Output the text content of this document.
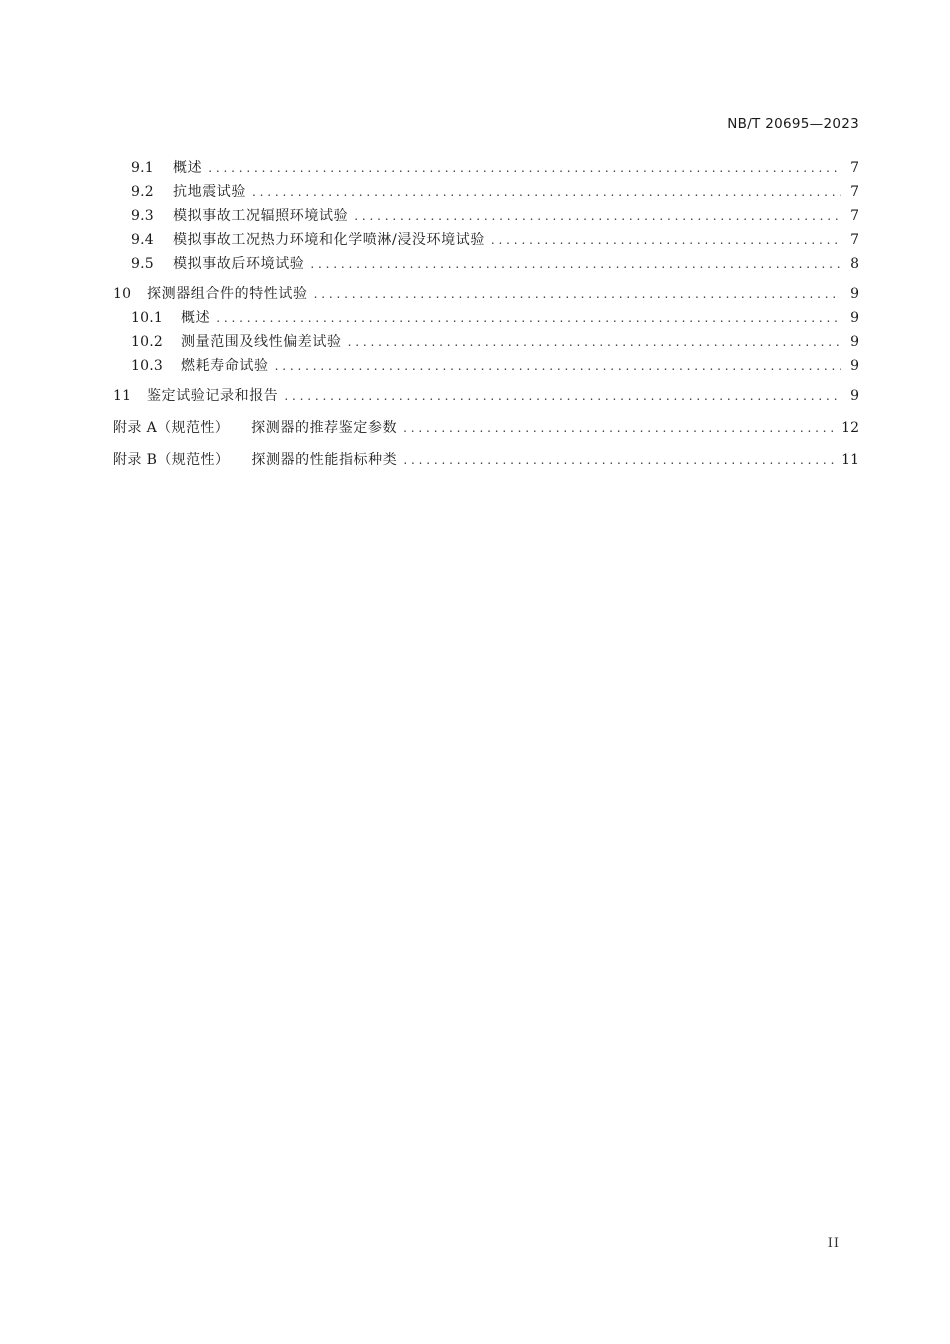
NB/T 20695—2023
9.1	概述 . . .	7
9.2	抗地震试验 . . .	7
9.3	模拟事故工况辐照环境试验 . . .	7
9.4	模拟事故工况热力环境和化学喷淋/浸没环境试验 . . .	7
9.5	模拟事故后环境试验 . . .	8
10	探测器组合件的特性试验 . . .	9
10.1	概述 . . .	9
10.2	测量范围及线性偏差试验 . . .	9
10.3	燃耗寿命试验 . . .	9
11	鉴定试验记录和报告 . . .	9
附录 A（规范性） 探测器的推荐鉴定参数 . . .	12
附录 B（规范性） 探测器的性能指标种类 . . .	11
II
